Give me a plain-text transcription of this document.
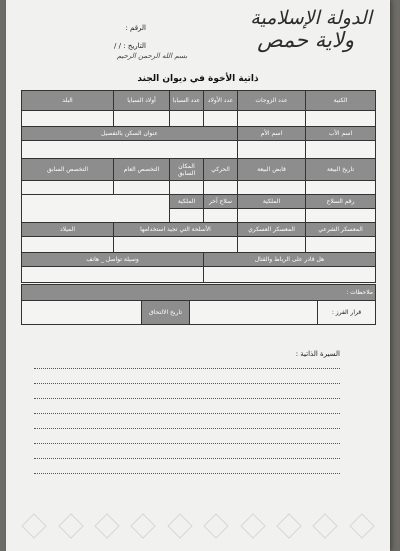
الدولة الإسلامية
ولاية حمص
الرقم :
التاريخ : / /
بسم الله الرحمن الرحيم
ذاتية الأخوة في ديوان الجند
الكنية	عدد الزوجات	عدد الأولاد	عدد السبايا	أولاد السبايا	البلد

اسم الأب	اسم الأم	عنوان السكن بالتفصيل			

تاريخ البيعة	قابض البيعة	الحركي	المكان السابق	التخصص العام	التخصص السابق

رقم السلاح	الملكية	سلاح آخر	الملكية		

المعسكر الشرعي	المعسكر العسكري	الأسلحة التي تجيد استخدامها			الميلاد

هل قادر على الرباط والقتال			وسيلة تواصل _ هاتف		

ملاحظات :
قرار الفرز :		تاريخ الالتحاق	
السيرة الذاتية :
